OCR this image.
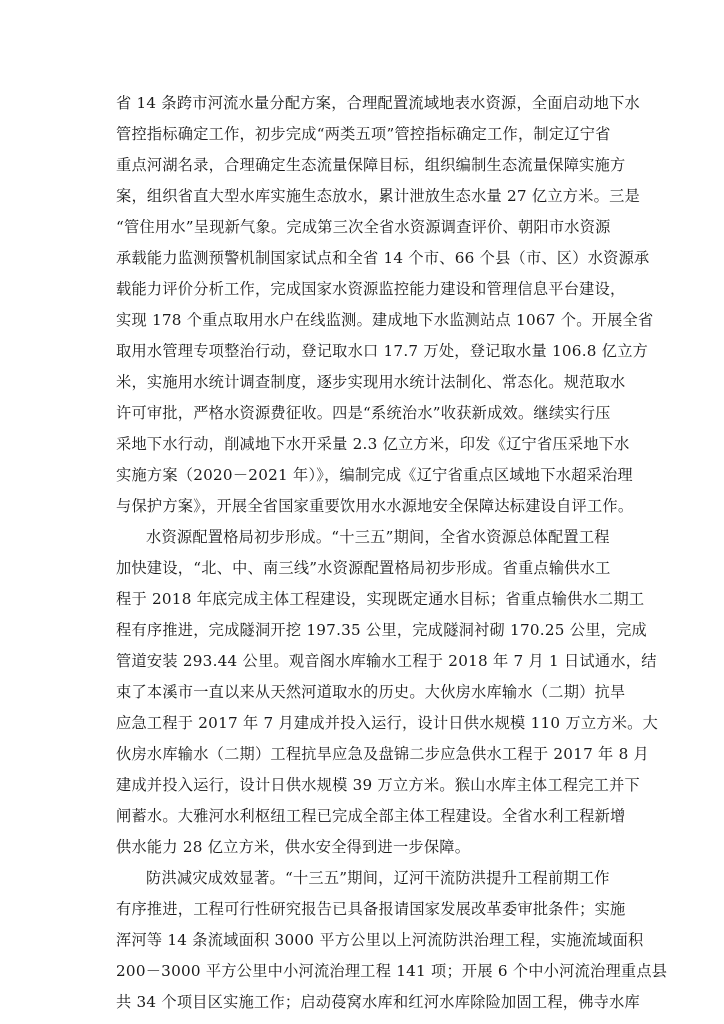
省 14 条跨市河流水量分配方案，合理配置流域地表水资源，全面启动地下水
管控指标确定工作，初步完成“两类五项”管控指标确定工作，制定辽宁省
重点河湖名录，合理确定生态流量保障目标，组织编制生态流量保障实施方
案，组织省直大型水库实施生态放水，累计泄放生态水量 27 亿立方米。三是
“管住用水”呈现新气象。完成第三次全省水资源调查评价、朝阳市水资源
承载能力监测预警机制国家试点和全省 14 个市、66 个县（市、区）水资源承
载能力评价分析工作，完成国家水资源监控能力建设和管理信息平台建设，
实现 178 个重点取用水户在线监测。建成地下水监测站点 1067 个。开展全省
取用水管理专项整治行动，登记取水口 17.7 万处，登记取水量 106.8 亿立方
米，实施用水统计调查制度，逐步实现用水统计法制化、常态化。规范取水
许可审批，严格水资源费征收。四是“系统治水”收获新成效。继续实行压
采地下水行动，削减地下水开采量 2.3 亿立方米，印发《辽宁省压采地下水
实施方案（2020－2021 年）》，编制完成《辽宁省重点区域地下水超采治理
与保护方案》，开展全省国家重要饮用水水源地安全保障达标建设自评工作。
水资源配置格局初步形成。“十三五”期间，全省水资源总体配置工程
加快建设，“北、中、南三线”水资源配置格局初步形成。省重点输供水工
程于 2018 年底完成主体工程建设，实现既定通水目标；省重点输供水二期工
程有序推进，完成隧洞开挖 197.35 公里，完成隧洞衬砌 170.25 公里，完成
管道安装 293.44 公里。观音阁水库输水工程于 2018 年 7 月 1 日试通水，结
束了本溪市一直以来从天然河道取水的历史。大伙房水库输水（二期）抗旱
应急工程于 2017 年 7 月建成并投入运行，设计日供水规模 110 万立方米。大
伙房水库输水（二期）工程抗旱应急及盘锦二步应急供水工程于 2017 年 8 月
建成并投入运行，设计日供水规模 39 万立方米。猴山水库主体工程完工并下
闸蓄水。大雅河水利枢纽工程已完成全部主体工程建设。全省水利工程新增
供水能力 28 亿立方米，供水安全得到进一步保障。
防洪减灾成效显著。“十三五”期间，辽河干流防洪提升工程前期工作
有序推进，工程可行性研究报告已具备报请国家发展改革委审批条件；实施
浑河等 14 条流域面积 3000 平方公里以上河流防洪治理工程，实施流域面积
200－3000 平方公里中小河流治理工程 141 项；开展 6 个中小河流治理重点县
共 34 个项目区实施工作；启动葠窝水库和红河水库除险加固工程，佛寺水库
